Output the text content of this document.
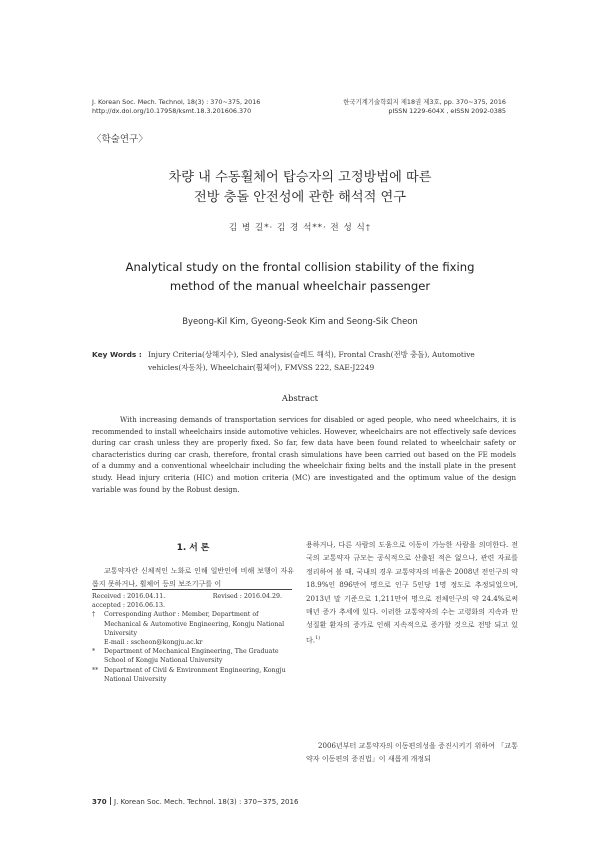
J. Korean Soc. Mech. Technol, 18(3) : 370~375, 2016
http://dx.doi.org/10.17958/ksmt.18.3.201606.370
한국기계기술학회지 제18권 제3호, pp. 370~375, 2016
pISSN 1229-604X , eISSN 2092-0385
〈학술연구〉
차량 내 수동휠체어 탑승자의 고정방법에 따른
전방 충돌 안전성에 관한 해석적 연구
김 병 길*· 김 경 석**· 전 성 식†
Analytical study on the frontal collision stability of the fixing
method of the manual wheelchair passenger
Byeong-Kil Kim, Gyeong-Seok Kim and Seong-Sik Cheon
Key Words : Injury Criteria(상해지수), Sled analysis(슬레드 해석), Frontal Crash(전방 충돌), Automotive vehicles(자동차), Wheelchair(휠체어), FMVSS 222, SAE-J2249
Abstract
With increasing demands of transportation services for disabled or aged people, who need wheelchairs, it is recommended to install wheelchairs inside automotive vehicles. However, wheelchairs are not effectively safe devices during car crash unless they are properly fixed. So far, few data have been found related to wheelchair safety or characteristics during car crash, therefore, frontal crash simulations have been carried out based on the FE models of a dummy and a conventional wheelchair including the wheelchair fixing belts and the install plate in the present study. Head injury criteria (HIC) and motion criteria (MC) are investigated and the optimum value of the design variable was found by the Robust design.
1. 서 론
교통약자란 신체적인 노화로 인해 일반인에 비해 보행이 자유롭지 못하거나, 휠체어 등의 보조기구를 이
Received : 2016.04.11.	Revised : 2016.04.29.
accepted : 2016.06.13.
†	Corresponding Author : Member, Department of Mechanical & Automotive Engineering, Kongju National University
E-mail : sscheon@kongju.ac.kr
*	Department of Mechanical Engineering, The Graduate School of Kongju National University
** Department of Civil & Environment Engineering, Kongju National University
용하거나, 다른 사람의 도움으로 이동이 가능한 사람을 의미한다. 전국의 교통약자 규모는 공식적으로 산출된 적은 없으나, 관련 자료를 정리하여 볼 때, 국내의 경우 교통약자의 비율은 2008년 전인구의 약 18.9%인 896만여 명으로 인구 5인당 1명 정도로 추정되었으며, 2013년 말 기준으로 1,211만여 명으로 전체인구의 약 24.4%로써 매년 증가 추세에 있다. 이러한 교통약자의 수는 고령화의 지속과 만성질환 환자의 증가로 인해 지속적으로 증가할 것으로 전망 되고 있다.$^{1)}$
2006년부터 교통약자의 이동편의성을 증진시키기 위하여 「교통약자 이동편의 증진법」이 새롭게 개정되
370 J. Korean Soc. Mech. Technol. 18(3) : 370~375, 2016
